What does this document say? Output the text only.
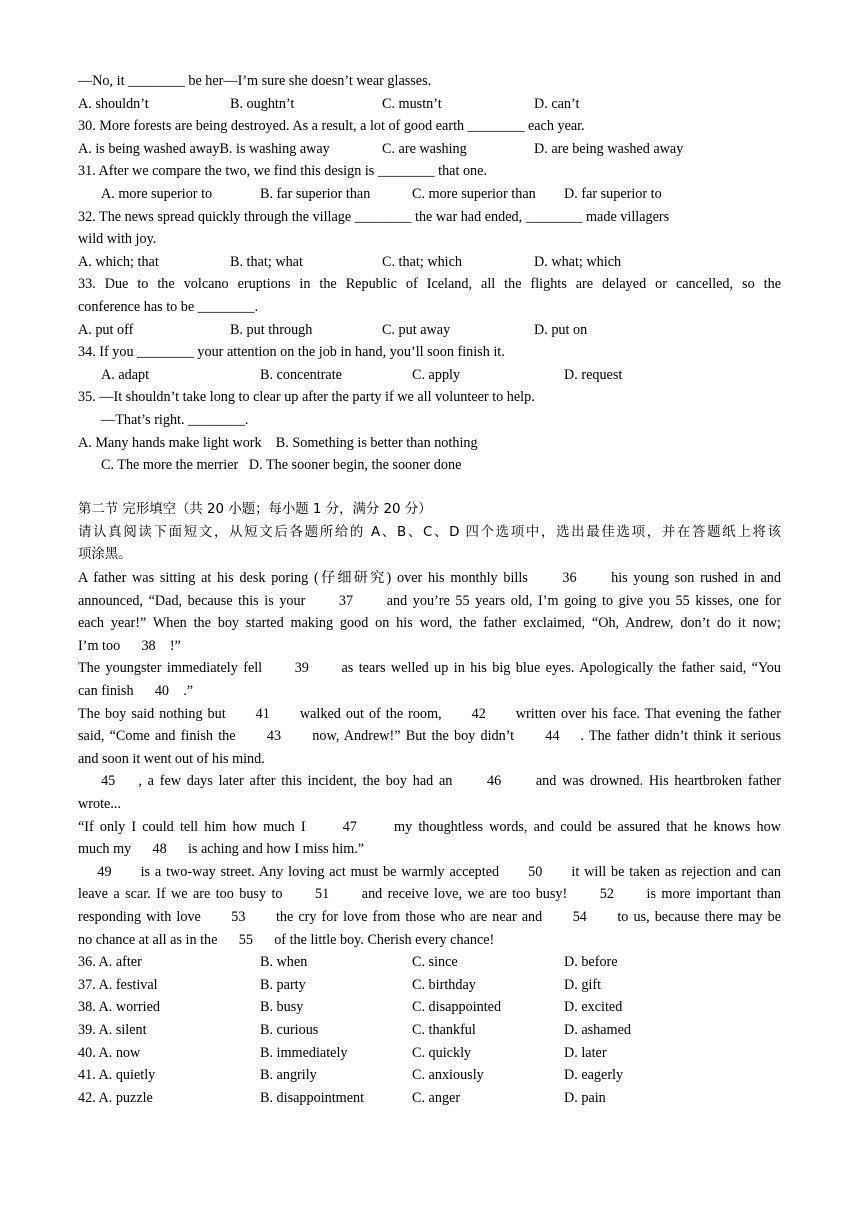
—No, it ________ be her—I’m sure she doesn’t wear glasses.
A. shouldn’t	B. oughtn’t	C. mustn’t	D. can’t
30. More forests are being destroyed. As a result, a lot of good earth ________ each year.
A. is being washed awayB. is washing away	C. are washing	D. are being washed away
31. After we compare the two, we find this design is ________ that one.
A. more superior to	B. far superior than	C. more superior than D. far superior to
32. The news spread quickly through the village ________ the war had ended, ________ made villagers
wild with joy.
A. which; that	B. that; what	C. that; which	D. what; which
33. Due to the volcano eruptions in the Republic of Iceland, all the flights are delayed or cancelled, so the
conference has to be ________.
A. put off	B. put through	C. put away	D. put on
34. If you ________ your attention on the job in hand, you’ll soon finish it.
A. adapt	B. concentrate	C. apply	D. request
35. —It shouldn’t take long to clear up after the party if we all volunteer to help.
—That’s right. ________.
A. Many hands make light work    B. Something is better than nothing
C. The more the merrier   D. The sooner begin, the sooner done
第二节 完形填空（共 20 小题；每小题 1 分，满分 20 分）
请认真阅读下面短文，从短文后各题所给的 A、B、C、D 四个选项中，选出最佳选项，并在答题纸上将该
项涂黑。
A father was sitting at his desk poring (仔细研究) over his monthly bills      36      his young son rushed in and
announced, “Dad, because this is your      37      and you’re 55 years old, I’m going to give you 55 kisses, one for
each year!” When the boy started making good on his word, the father exclaimed, “Oh, Andrew, don’t do it now;
I’m too      38    !”
The youngster immediately fell      39      as tears welled up in his big blue eyes. Apologically the father said, “You
can finish      40    .”
The boy said nothing but      41      walked out of the room,      42      written over his face. That evening the father
said, “Come and finish the      43      now, Andrew!” But the boy didn’t      44    . The father didn’t think it serious
and soon it went out of his mind.
45    , a few days later after this incident, the boy had an      46      and was drowned. His heartbroken father
wrote...
“If only I could tell him how much I      47      my thoughtless words, and could be assured that he knows how
much my      48      is aching and how I miss him.”
49      is a two-way street. Any loving act must be warmly accepted      50      it will be taken as rejection and can
leave a scar. If we are too busy to      51      and receive love, we are too busy!      52      is more important than
responding with love      53      the cry for love from those who are near and      54      to us, because there may be
no chance at all as in the      55      of the little boy. Cherish every chance!
36. A. after	B. when	C. since	D. before
37. A. festival	B. party	C. birthday	D. gift
38. A. worried	B. busy	C. disappointed	D. excited
39. A. silent	B. curious	C. thankful	D. ashamed
40. A. now	B. immediately	C. quickly	D. later
41. A. quietly	B. angrily	C. anxiously	D. eagerly
42. A. puzzle	B. disappointment	C. anger	D. pain
